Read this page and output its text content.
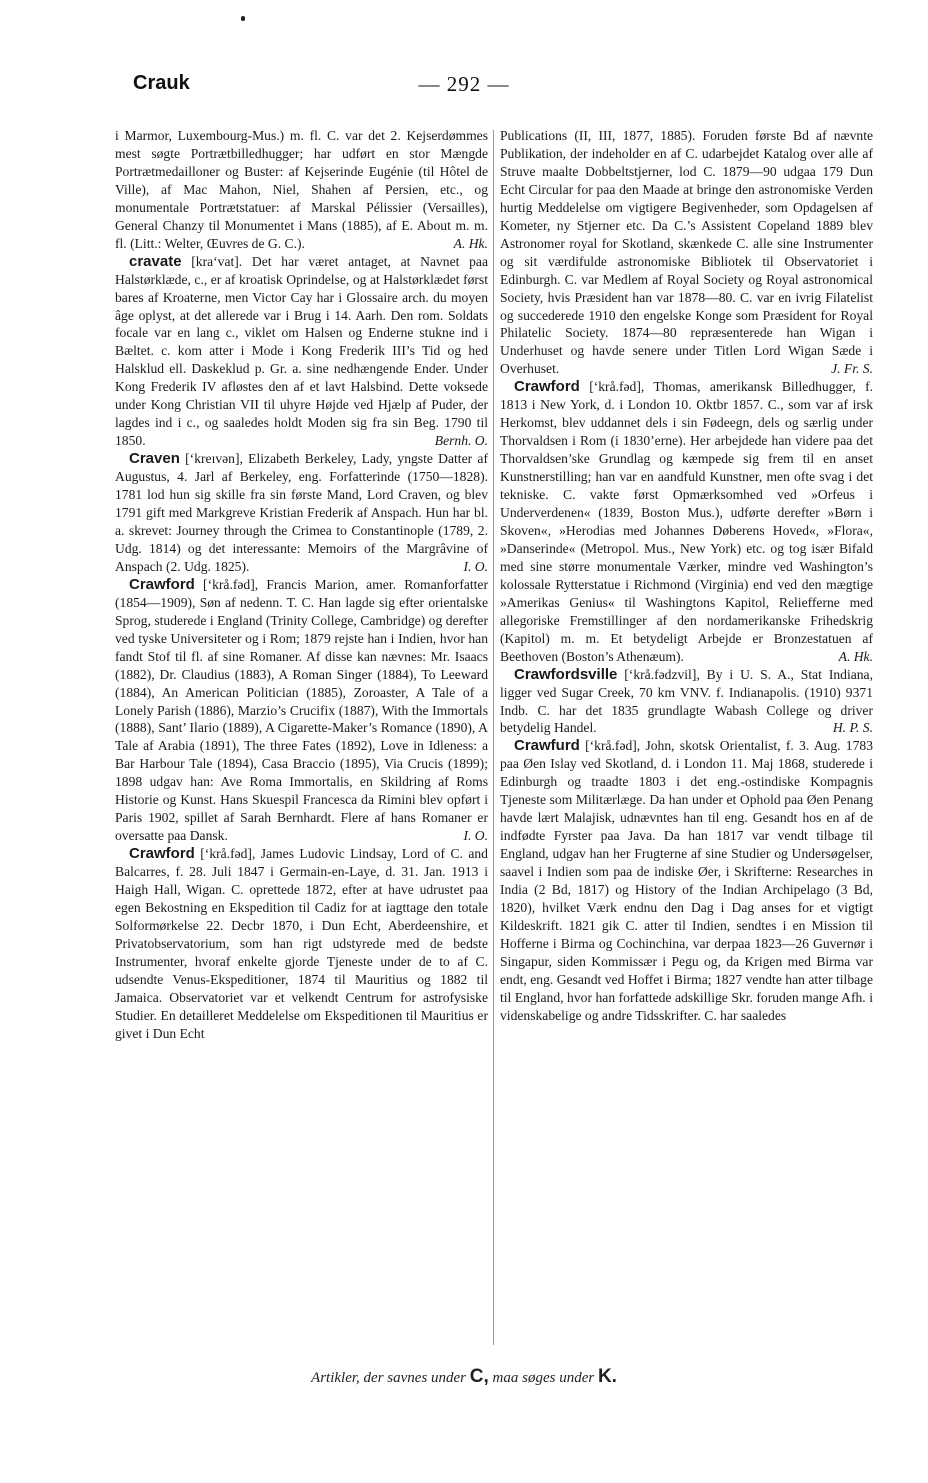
Crauk	— 292 —

i Marmor, Luxembourg-Mus.) m. fl. C. var det 2. Kejserdømmes mest søgte Portrætbilledhugger; har udført en stor Mængde Portrætmedailloner og Buster: af Kejserinde Eugénie (til Hôtel de Ville), af Mac Mahon, Niel, Shahen af Persien, etc., og monumentale Portrætstatuer: af Marskal Pélissier (Versailles), General Chanzy til Monumentet i Mans (1885), af E. About m. m. fl. (Litt.: Welter, Œuvres de G. C.).	A. Hk.

cravate [kra‘vat]. Det har været antaget, at Navnet paa Halstørklæde, c., er af kroatisk Oprindelse, og at Halstørklædet først bares af Kroaterne, men Victor Cay har i Glossaire arch. du moyen âge oplyst, at det allerede var i Brug i 14. Aarh. Den rom. Soldats focale var en lang c., viklet om Halsen og Enderne stukne ind i Bæltet. c. kom atter i Mode i Kong Frederik III’s Tid og hed Halsklud ell. Daskeklud p. Gr. a. sine nedhængende Ender. Under Kong Frederik IV afløstes den af et lavt Halsbind. Dette voksede under Kong Christian VII til uhyre Højde ved Hjælp af Puder, der lagdes ind i c., og saaledes holdt Moden sig fra sin Beg. 1790 til 1850.	Bernh. O.

Craven [‘kreıvən], Elizabeth Berkeley, Lady, yngste Datter af Augustus, 4. Jarl af Berkeley, eng. Forfatterinde (1750—1828). 1781 lod hun sig skille fra sin første Mand, Lord Craven, og blev 1791 gift med Markgreve Kristian Frederik af Anspach. Hun har bl. a. skrevet: Journey through the Crimea to Constantinople (1789, 2. Udg. 1814) og det interessante: Memoirs of the Margrâvine of Anspach (2. Udg. 1825).	I. O.

Crawford [‘krå.fəd], Francis Marion, amer. Romanforfatter (1854—1909), Søn af nedenn. T. C. Han lagde sig efter orientalske Sprog, studerede i England (Trinity College, Cambridge) og derefter ved tyske Universiteter og i Rom; 1879 rejste han i Indien, hvor han fandt Stof til fl. af sine Romaner. Af disse kan nævnes: Mr. Isaacs (1882), Dr. Claudius (1883), A Roman Singer (1884), To Leeward (1884), An American Politician (1885), Zoroaster, A Tale of a Lonely Parish (1886), Marzio’s Crucifix (1887), With the Immortals (1888), Sant’ Ilario (1889), A Cigarette-Maker’s Romance (1890), A Tale af Arabia (1891), The three Fates (1892), Love in Idleness: a Bar Harbour Tale (1894), Casa Braccio (1895), Via Crucis (1899); 1898 udgav han: Ave Roma Immortalis, en Skildring af Roms Historie og Kunst. Hans Skuespil Francesca da Rimini blev opført i Paris 1902, spillet af Sarah Bernhardt. Flere af hans Romaner er oversatte paa Dansk.	I. O.

Crawford [‘krå.fəd], James Ludovic Lindsay, Lord of C. and Balcarres, f. 28. Juli 1847 i Germain-en-Laye, d. 31. Jan. 1913 i Haigh Hall, Wigan. C. oprettede 1872, efter at have udrustet paa egen Bekostning en Ekspedition til Cadiz for at iagttage den totale Solformørkelse 22. Decbr 1870, i Dun Echt, Aberdeenshire, et Privatobservatorium, som han rigt udstyrede med de bedste Instrumenter, hvoraf enkelte gjorde Tjeneste under de to af C. udsendte Venus-Ekspeditioner, 1874 til Mauritius og 1882 til Jamaica. Observatoriet var et velkendt Centrum for astrofysiske Studier. En detailleret Meddelelse om Ekspeditionen til Mauritius er givet i Dun Echt

Publications (II, III, 1877, 1885). Foruden første Bd af nævnte Publikation, der indeholder en af C. udarbejdet Katalog over alle af Struve maalte Dobbeltstjerner, lod C. 1879—90 udgaa 179 Dun Echt Circular for paa den Maade at bringe den astronomiske Verden hurtig Meddelelse om vigtigere Begivenheder, som Opdagelsen af Kometer, ny Stjerner etc. Da C.’s Assistent Copeland 1889 blev Astronomer royal for Skotland, skænkede C. alle sine Instrumenter og sit værdifulde astronomiske Bibliotek til Observatoriet i Edinburgh. C. var Medlem af Royal Society og Royal astronomical Society, hvis Præsident han var 1878—80. C. var en ivrig Filatelist og succederede 1910 den engelske Konge som Præsident for Royal Philatelic Society. 1874—80 repræsenterede han Wigan i Underhuset og havde senere under Titlen Lord Wigan Sæde i Overhuset.	J. Fr. S.

Crawford [‘krå.fəd], Thomas, amerikansk Billedhugger, f. 1813 i New York, d. i London 10. Oktbr 1857. C., som var af irsk Herkomst, blev uddannet dels i sin Fødeegn, dels og særlig under Thorvaldsen i Rom (i 1830’erne). Her arbejdede han videre paa det Thorvaldsen’ske Grundlag og kæmpede sig frem til en anset Kunstnerstilling; han var en aandfuld Kunstner, men ofte svag i det tekniske. C. vakte først Opmærksomhed ved »Orfeus i Underverdenen« (1839, Boston Mus.), udførte derefter »Børn i Skoven«, »Herodias med Johannes Døberens Hoved«, »Flora«, »Danserinde« (Metropol. Mus., New York) etc. og tog især Bifald med sine større monumentale Værker, mindre ved Washington’s kolossale Rytterstatue i Richmond (Virginia) end ved den mægtige »Amerikas Genius« til Washingtons Kapitol, Reliefferne med allegoriske Fremstillinger af den nordamerikanske Frihedskrig (Kapitol) m. m. Et betydeligt Arbejde er Bronzestatuen af Beethoven (Boston’s Athenæum).	A. Hk.

Crawfordsville [‘krå.fədzvil], By i U. S. A., Stat Indiana, ligger ved Sugar Creek, 70 km VNV. f. Indianapolis. (1910) 9371 Indb. C. har det 1835 grundlagte Wabash College og driver betydelig Handel.	H. P. S.

Crawfurd [‘krå.fəd], John, skotsk Orientalist, f. 3. Aug. 1783 paa Øen Islay ved Skotland, d. i London 11. Maj 1868, studerede i Edinburgh og traadte 1803 i det eng.-ostindiske Kompagnis Tjeneste som Militærlæge. Da han under et Ophold paa Øen Penang havde lært Malajisk, udnævntes han til eng. Gesandt hos en af de indfødte Fyrster paa Java. Da han 1817 var vendt tilbage til England, udgav han her Frugterne af sine Studier og Undersøgelser, saavel i Indien som paa de indiske Øer, i Skrifterne: Researches in India (2 Bd, 1817) og History of the Indian Archipelago (3 Bd, 1820), hvilket Værk endnu den Dag i Dag anses for et vigtigt Kildeskrift. 1821 gik C. atter til Indien, sendtes i en Mission til Hofferne i Birma og Cochinchina, var derpaa 1823—26 Guvernør i Singapur, siden Kommissær i Pegu og, da Krigen med Birma var endt, eng. Gesandt ved Hoffet i Birma; 1827 vendte han atter tilbage til England, hvor han forfattede adskillige Skr. foruden mange Afh. i videnskabelige og andre Tidsskrifter. C. har saaledes

Artikler, der savnes under C, maa søges under K.
